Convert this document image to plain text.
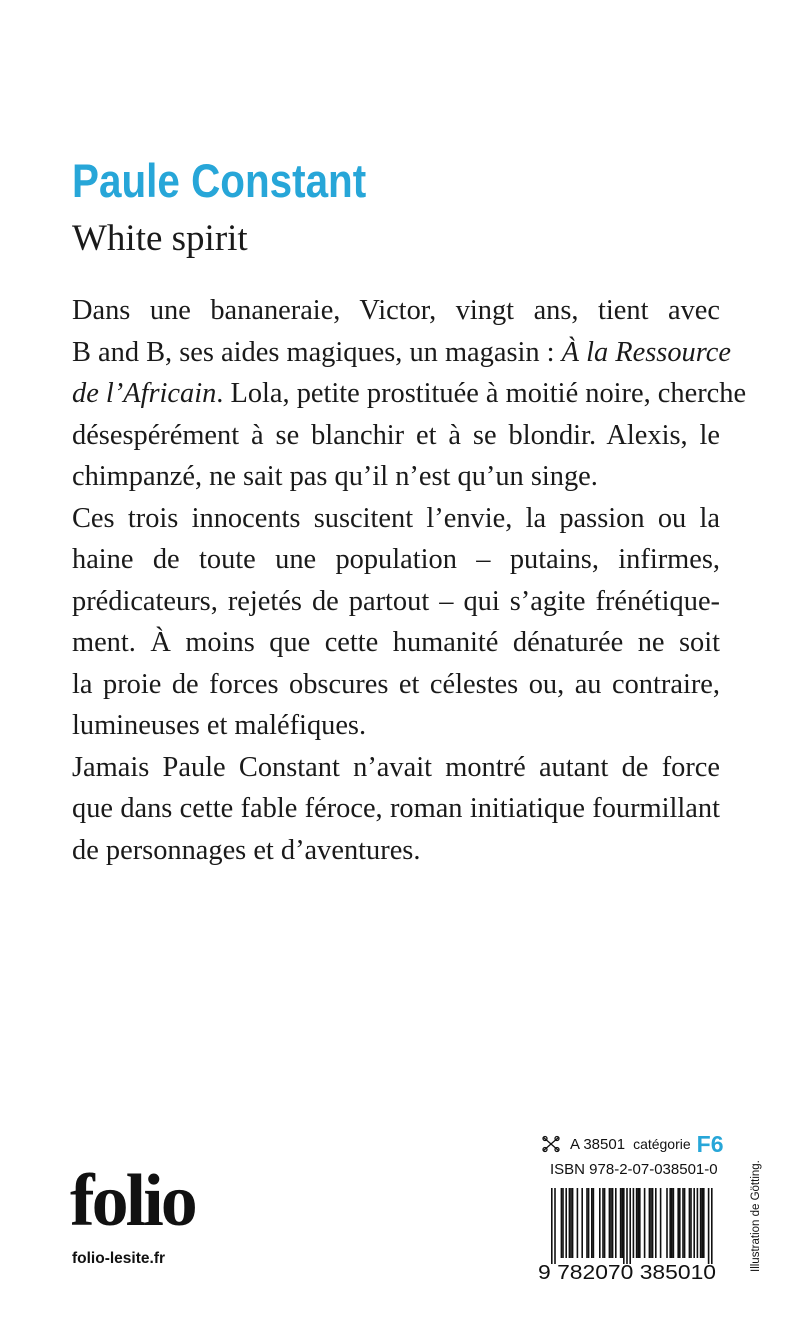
Paule Constant
White spirit
Dans une bananeraie, Victor, vingt ans, tient avec
B and B, ses aides magiques, un magasin : À la Ressource
de l’Africain. Lola, petite prostituée à moitié noire, cherche
désespérément à se blanchir et à se blondir. Alexis, le
chimpanzé, ne sait pas qu’il n’est qu’un singe.
Ces trois innocents suscitent l’envie, la passion ou la
haine de toute une population – putains, infirmes,
prédicateurs, rejetés de partout – qui s’agite frénétique-
ment. À moins que cette humanité dénaturée ne soit
la proie de forces obscures et célestes ou, au contraire,
lumineuses et maléfiques.
Jamais Paule Constant n’avait montré autant de force
que dans cette fable féroce, roman initiatique fourmillant
de personnages et d’aventures.
folio
folio-lesite.fr
A 38501 catégorie F6
ISBN 978-2-07-038501-0
9 782070 385010
Illustration de Götting.
